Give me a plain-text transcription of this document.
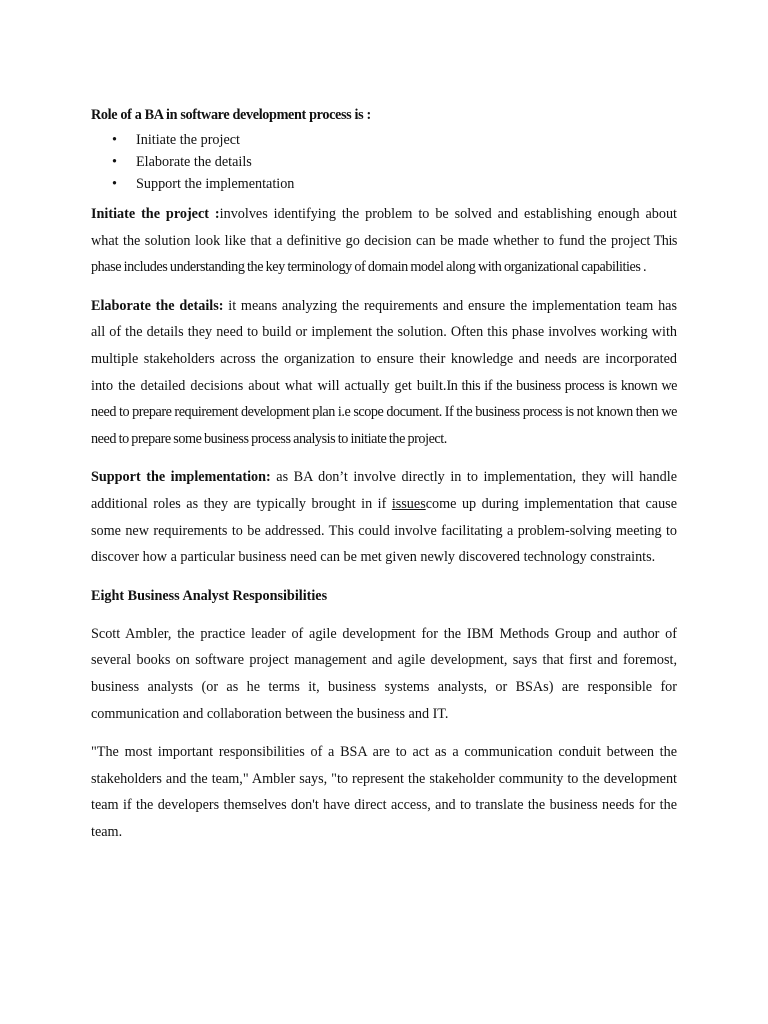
Role of a BA in software development process is :
• Initiate the project
• Elaborate the details
• Support the implementation

Initiate the project :involves identifying the problem to be solved and establishing enough about what the solution look like that a definitive go decision can be made whether to fund the project This phase includes understanding the key terminology of domain model along with organizational capabilities .

Elaborate the details: it means analyzing the requirements and ensure the implementation team has all of the details they need to build or implement the solution. Often this phase involves working with multiple stakeholders across the organization to ensure their knowledge and needs are incorporated into the detailed decisions about what will actually get built.In this if the business process is known we need to prepare requirement development plan i.e scope document. If the business process is not known then we need to prepare some business process analysis to initiate the project.

Support the implementation: as BA don’t involve directly in to implementation, they will handle additional roles as they are typically brought in if issuescome up during implementation that cause some new requirements to be addressed. This could involve facilitating a problem-solving meeting to discover how a particular business need can be met given newly discovered technology constraints.

Eight Business Analyst Responsibilities

Scott Ambler, the practice leader of agile development for the IBM Methods Group and author of several books on software project management and agile development, says that first and foremost, business analysts (or as he terms it, business systems analysts, or BSAs) are responsible for communication and collaboration between the business and IT.

"The most important responsibilities of a BSA are to act as a communication conduit between the stakeholders and the team," Ambler says, "to represent the stakeholder community to the development team if the developers themselves don't have direct access, and to translate the business needs for the team.
